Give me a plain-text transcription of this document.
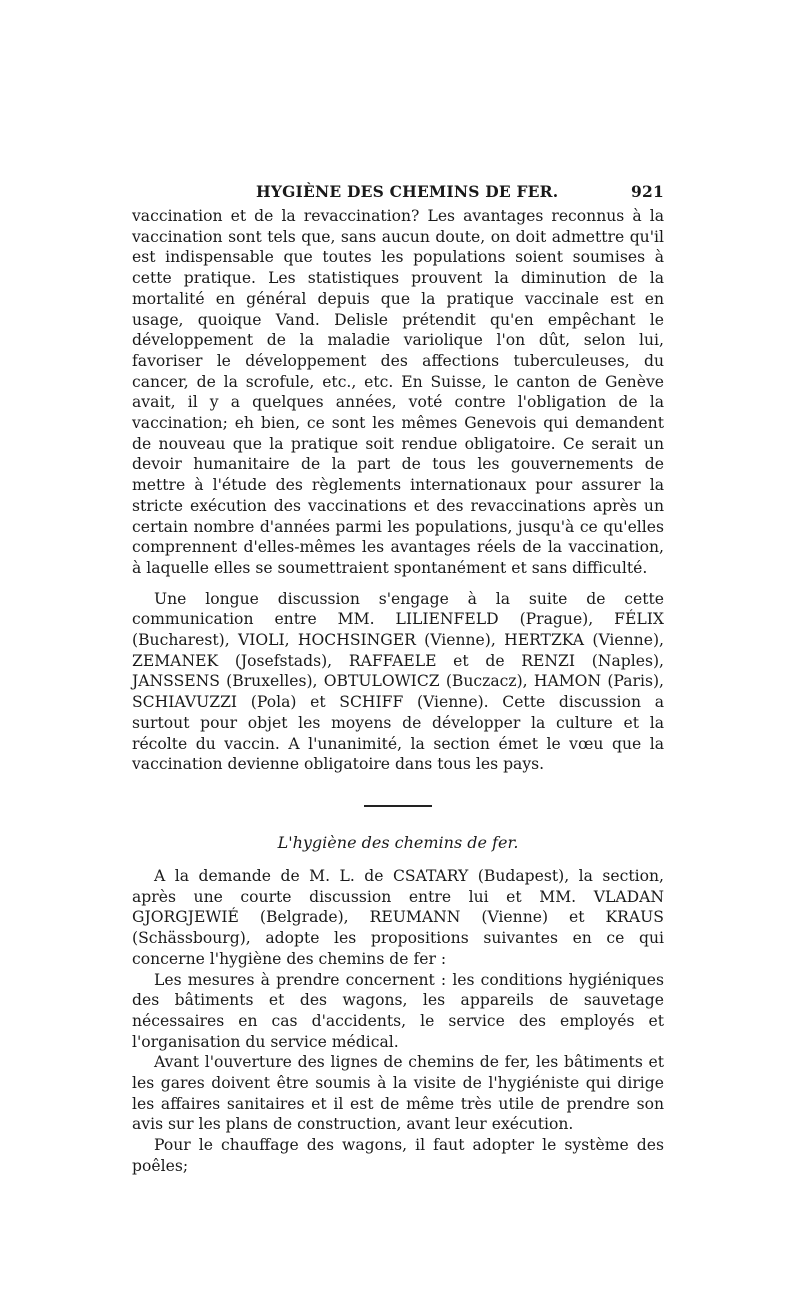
HYGIÈNE DES CHEMINS DE FER.	921

vaccination et de la revaccination? Les avantages reconnus à la vaccination sont tels que, sans aucun doute, on doit admettre qu'il est indispensable que toutes les populations soient soumises à cette pratique. Les statistiques prouvent la diminution de la mortalité en général depuis que la pratique vaccinale est en usage, quoique Vand. Delisle prétendit qu'en empêchant le développement de la maladie variolique l'on dût, selon lui, favoriser le développement des affections tuberculeuses, du cancer, de la scrofule, etc., etc. En Suisse, le canton de Genève avait, il y a quelques années, voté contre l'obligation de la vaccination; eh bien, ce sont les mêmes Genevois qui demandent de nouveau que la pratique soit rendue obligatoire. Ce serait un devoir humanitaire de la part de tous les gouvernements de mettre à l'étude des règlements internationaux pour assurer la stricte exécution des vaccinations et des revaccinations après un certain nombre d'années parmi les populations, jusqu'à ce qu'elles comprennent d'elles-mêmes les avantages réels de la vaccination, à laquelle elles se soumettraient spontanément et sans difficulté.

Une longue discussion s'engage à la suite de cette communication entre MM. LILIENFELD (Prague), FÉLIX (Bucharest), VIOLI, HOCHSINGER (Vienne), HERTZKA (Vienne), ZEMANEK (Josefstads), RAFFAELE et de RENZI (Naples), JANSSENS (Bruxelles), OBTULOWICZ (Buczacz), HAMON (Paris), SCHIAVUZZI (Pola) et SCHIFF (Vienne). Cette discussion a surtout pour objet les moyens de développer la culture et la récolte du vaccin. A l'unanimité, la section émet le vœu que la vaccination devienne obligatoire dans tous les pays.

L'hygiène des chemins de fer.

A la demande de M. L. de CSATARY (Budapest), la section, après une courte discussion entre lui et MM. VLADAN GJORGJEWIÉ (Belgrade), REUMANN (Vienne) et KRAUS (Schässbourg), adopte les propositions suivantes en ce qui concerne l'hygiène des chemins de fer :

Les mesures à prendre concernent : les conditions hygiéniques des bâtiments et des wagons, les appareils de sauvetage nécessaires en cas d'accidents, le service des employés et l'organisation du service médical.

Avant l'ouverture des lignes de chemins de fer, les bâtiments et les gares doivent être soumis à la visite de l'hygiéniste qui dirige les affaires sanitaires et il est de même très utile de prendre son avis sur les plans de construction, avant leur exécution.

Pour le chauffage des wagons, il faut adopter le système des poêles;
